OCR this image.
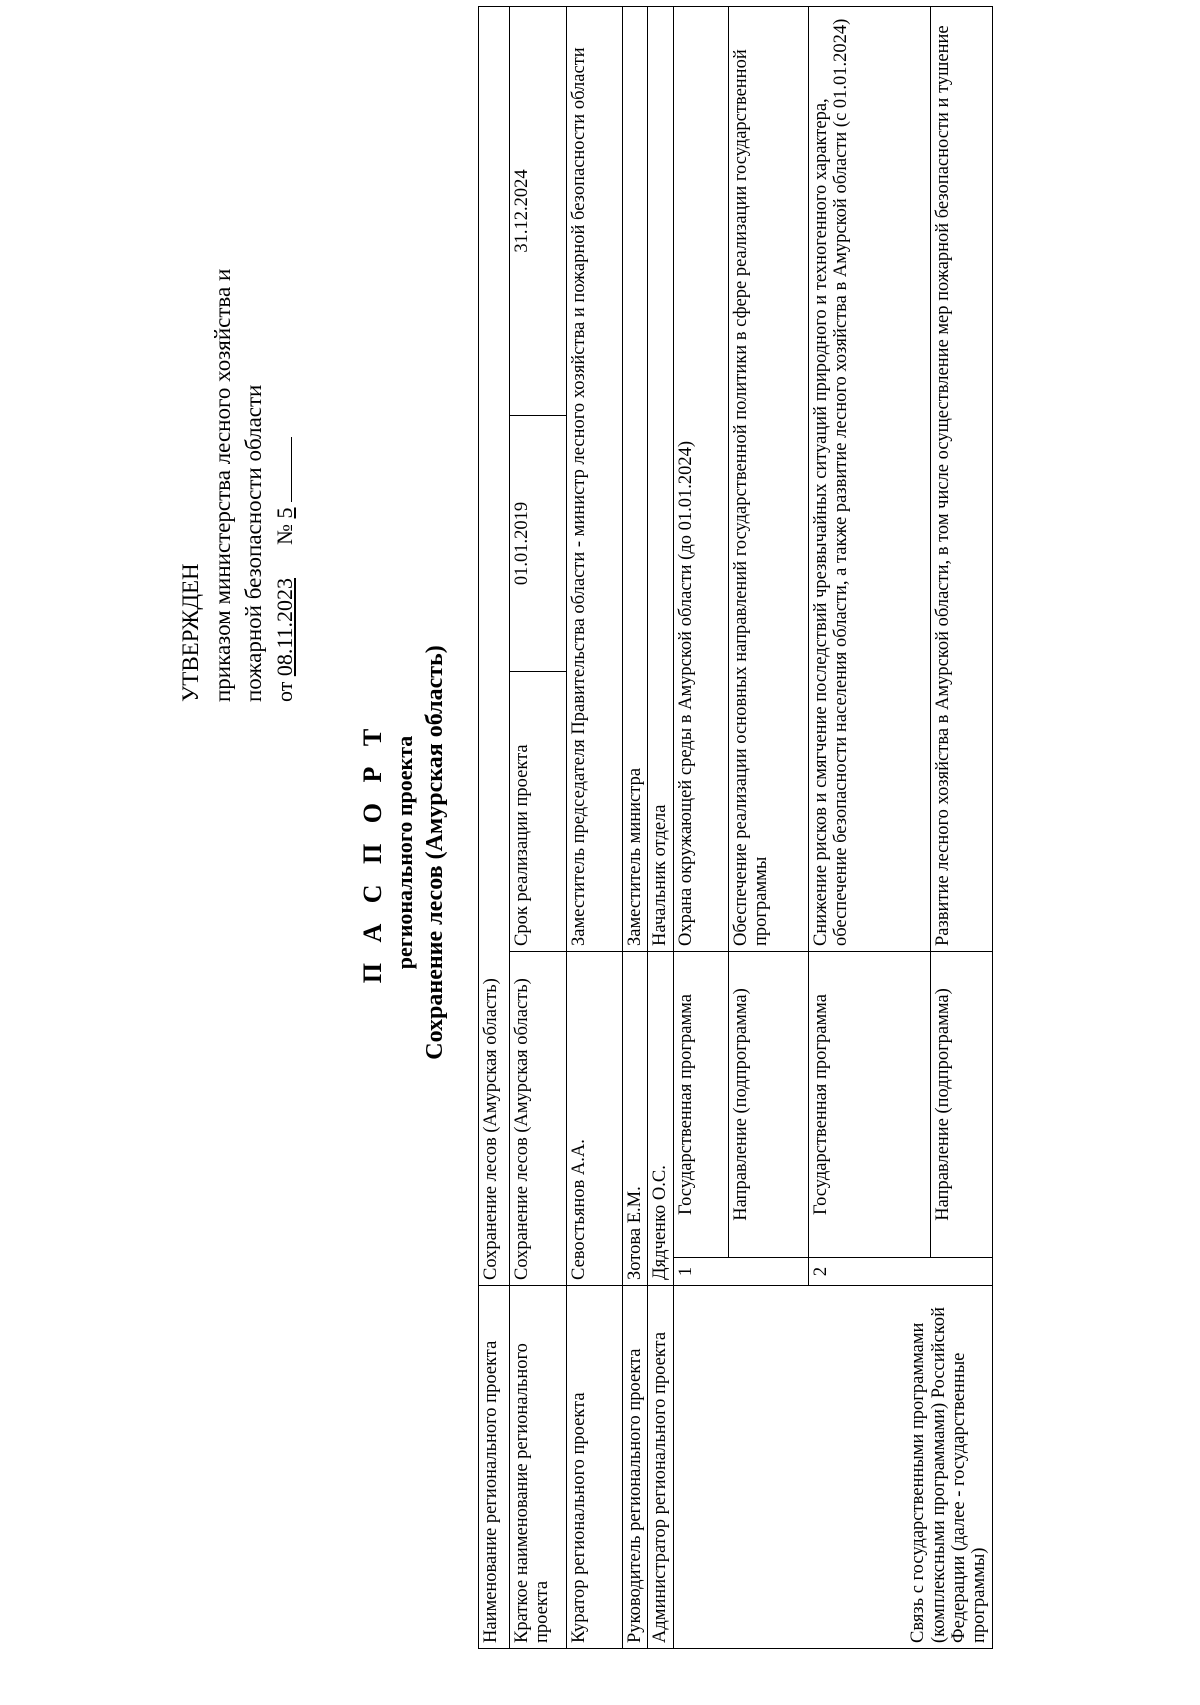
УТВЕРЖДЕН приказом министерства лесного хозяйства и пожарной безопасности области от 08.11.2023      № 5
П А С П О Р Т регионального проекта Сохранение лесов (Амурская область)
Наименование регионального проекта	Сохранение лесов (Амурская область)				
Краткое наименование регионального проекта	Сохранение лесов (Амурская область)		Срок реализации проекта	01.01.2019	31.12.2024
Куратор регионального проекта	Севостьянов А.А.		Заместитель председателя Правительства области - министр лесного хозяйства и пожарной безопасности области		
Руководитель регионального проекта	Зотова Е.М.		Заместитель министра		
Администратор регионального проекта	Дядченко О.С.		Начальник отдела		
Связь с государственными программами (комплексными программами) Российской Федерации (далее - государственные программы)	1	Государственная программа	Охрана окружающей среды в Амурской области (до 01.01.2024)		
		Направление (подпрограмма)	Обеспечение реализации основных направлений государственной политики в сфере реализации государственной программы		
	2	Государственная программа	Снижение рисков и смягчение последствий чрезвычайных ситуаций природного и техногенного характера, обеспечение безопасности населения области, а также развитие лесного хозяйства в Амурской области (с 01.01.2024)		
		Направление (подпрограмма)	Развитие лесного хозяйства в Амурской области, в том числе осуществление мер пожарной безопасности и тушение		
